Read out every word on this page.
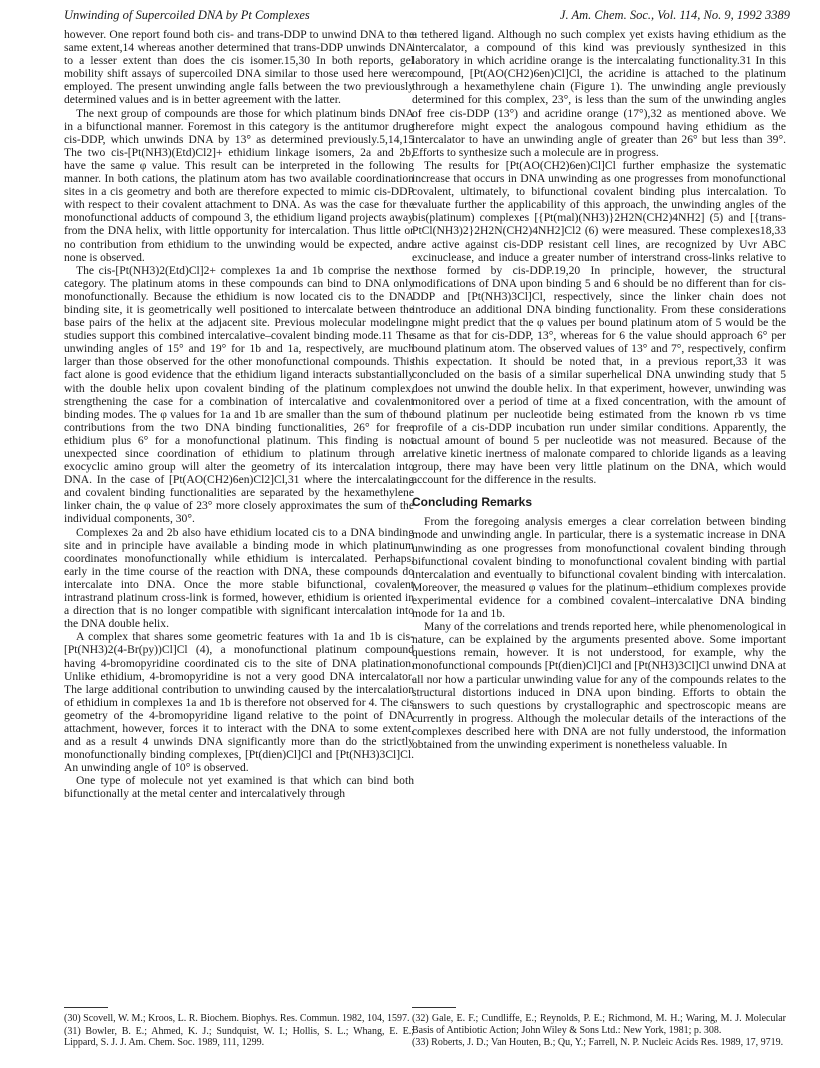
Unwinding of Supercoiled DNA by Pt Complexes	J. Am. Chem. Soc., Vol. 114, No. 9, 1992 3389

however. One report found both cis- and trans-DDP to unwind DNA to the same extent,14 whereas another determined that trans-DDP unwinds DNA to a lesser extent than does the cis isomer.15,30 In both reports, gel mobility shift assays of supercoiled DNA similar to those used here were employed. The present unwinding angle falls between the two previously determined values and is in better agreement with the latter.

The next group of compounds are those for which platinum binds DNA in a bifunctional manner. Foremost in this category is the antitumor drug cis-DDP, which unwinds DNA by 13° as determined previously.5,14,15 The two cis-[Pt(NH3)(Etd)Cl2]+ ethidium linkage isomers, 2a and 2b, have the same φ value. This result can be interpreted in the following manner. In both cations, the platinum atom has two available coordination sites in a cis geometry and both are therefore expected to mimic cis-DDP with respect to their covalent attachment to DNA. As was the case for the monofunctional adducts of compound 3, the ethidium ligand projects away from the DNA helix, with little opportunity for intercalation. Thus little or no contribution from ethidium to the unwinding would be expected, and none is observed.

The cis-[Pt(NH3)2(Etd)Cl]2+ complexes 1a and 1b comprise the next category. The platinum atoms in these compounds can bind to DNA only monofunctionally. Because the ethidium is now located cis to the DNA binding site, it is geometrically well positioned to intercalate between the base pairs of the helix at the adjacent site. Previous molecular modeling studies support this combined intercalative–covalent binding mode.11 The unwinding angles of 15° and 19° for 1b and 1a, respectively, are much larger than those observed for the other monofunctional compounds. This fact alone is good evidence that the ethidium ligand interacts substantially with the double helix upon covalent binding of the platinum complex, strengthening the case for a combination of intercalative and covalent binding modes. The φ values for 1a and 1b are smaller than the sum of the contributions from the two DNA binding functionalities, 26° for free ethidium plus 6° for a monofunctional platinum. This finding is not unexpected since coordination of ethidium to platinum through an exocyclic amino group will alter the geometry of its intercalation into DNA. In the case of [Pt(AO(CH2)6en)Cl2]Cl,31 where the intercalating and covalent binding functionalities are separated by the hexamethylene linker chain, the φ value of 23° more closely approximates the sum of the individual components, 30°.

Complexes 2a and 2b also have ethidium located cis to a DNA binding site and in principle have available a binding mode in which platinum coordinates monofunctionally while ethidium is intercalated. Perhaps, early in the time course of the reaction with DNA, these compounds do intercalate into DNA. Once the more stable bifunctional, covalent intrastrand platinum cross-link is formed, however, ethidium is oriented in a direction that is no longer compatible with significant intercalation into the DNA double helix.

A complex that shares some geometric features with 1a and 1b is cis-[Pt(NH3)2(4-Br(py))Cl]Cl (4), a monofunctional platinum compound having 4-bromopyridine coordinated cis to the site of DNA platination. Unlike ethidium, 4-bromopyridine is not a very good DNA intercalator. The large additional contribution to unwinding caused by the intercalation of ethidium in complexes 1a and 1b is therefore not observed for 4. The cis geometry of the 4-bromopyridine ligand relative to the point of DNA attachment, however, forces it to interact with the DNA to some extent, and as a result 4 unwinds DNA significantly more than do the strictly monofunctionally binding complexes, [Pt(dien)Cl]Cl and [Pt(NH3)3Cl]Cl. An unwinding angle of 10° is observed.

One type of molecule not yet examined is that which can bind both bifunctionally at the metal center and intercalatively through

a tethered ligand. Although no such complex yet exists having ethidium as the intercalator, a compound of this kind was previously synthesized in this laboratory in which acridine orange is the intercalating functionality.31 In this compound, [Pt(AO(CH2)6en)Cl]Cl, the acridine is attached to the platinum through a hexamethylene chain (Figure 1). The unwinding angle previously determined for this complex, 23°, is less than the sum of the unwinding angles of free cis-DDP (13°) and acridine orange (17°),32 as mentioned above. We therefore might expect the analogous compound having ethidium as the intercalator to have an unwinding angle of greater than 26° but less than 39°. Efforts to synthesize such a molecule are in progress.

The results for [Pt(AO(CH2)6en)Cl]Cl further emphasize the systematic increase that occurs in DNA unwinding as one progresses from monofunctional covalent, ultimately, to bifunctional covalent binding plus intercalation. To evaluate further the applicability of this approach, the unwinding angles of the bis(platinum) complexes [{Pt(mal)(NH3)}2H2N(CH2)4NH2] (5) and [{trans-PtCl(NH3)2}2H2N(CH2)4NH2]Cl2 (6) were measured. These complexes18,33 are active against cis-DDP resistant cell lines, are recognized by Uvr ABC excinuclease, and induce a greater number of interstrand cross-links relative to those formed by cis-DDP.19,20 In principle, however, the structural modifications of DNA upon binding 5 and 6 should be no different than for cis-DDP and [Pt(NH3)3Cl]Cl, respectively, since the linker chain does not introduce an additional DNA binding functionality. From these considerations one might predict that the φ values per bound platinum atom of 5 would be the same as that for cis-DDP, 13°, whereas for 6 the value should approach 6° per bound platinum atom. The observed values of 13° and 7°, respectively, confirm this expectation. It should be noted that, in a previous report,33 it was concluded on the basis of a similar superhelical DNA unwinding study that 5 does not unwind the double helix. In that experiment, however, unwinding was monitored over a period of time at a fixed concentration, with the amount of bound platinum per nucleotide being estimated from the known rb vs time profile of a cis-DDP incubation run under similar conditions. Apparently, the actual amount of bound 5 per nucleotide was not measured. Because of the relative kinetic inertness of malonate compared to chloride ligands as a leaving group, there may have been very little platinum on the DNA, which would account for the difference in the results.

Concluding Remarks

From the foregoing analysis emerges a clear correlation between binding mode and unwinding angle. In particular, there is a systematic increase in DNA unwinding as one progresses from monofunctional covalent binding through bifunctional covalent binding to monofunctional covalent binding with partial intercalation and eventually to bifunctional covalent binding with intercalation. Moreover, the measured φ values for the platinum–ethidium complexes provide experimental evidence for a combined covalent–intercalative DNA binding mode for 1a and 1b.

Many of the correlations and trends reported here, while phenomenological in nature, can be explained by the arguments presented above. Some important questions remain, however. It is not understood, for example, why the monofunctional compounds [Pt(dien)Cl]Cl and [Pt(NH3)3Cl]Cl unwind DNA at all nor how a particular unwinding value for any of the compounds relates to the structural distortions induced in DNA upon binding. Efforts to obtain the answers to such questions by crystallographic and spectroscopic means are currently in progress. Although the molecular details of the interactions of the complexes described here with DNA are not fully understood, the information obtained from the unwinding experiment is nonetheless valuable. In

(30) Scovell, W. M.; Kroos, L. R. Biochem. Biophys. Res. Commun. 1982, 104, 1597.
(31) Bowler, B. E.; Ahmed, K. J.; Sundquist, W. I.; Hollis, S. L.; Whang, E. E.; Lippard, S. J. J. Am. Chem. Soc. 1989, 111, 1299.
(32) Gale, E. F.; Cundliffe, E.; Reynolds, P. E.; Richmond, M. H.; Waring, M. J. Molecular Basis of Antibiotic Action; John Wiley & Sons Ltd.: New York, 1981; p. 308.
(33) Roberts, J. D.; Van Houten, B.; Qu, Y.; Farrell, N. P. Nucleic Acids Res. 1989, 17, 9719.
